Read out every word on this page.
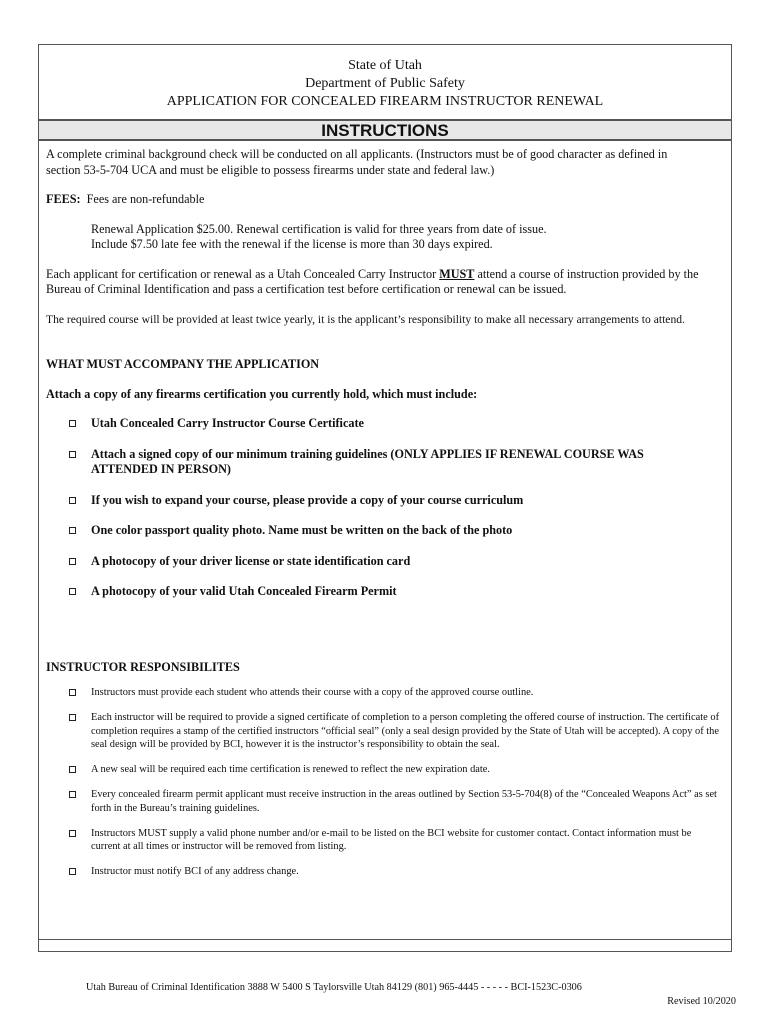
State of Utah
Department of Public Safety
APPLICATION FOR CONCEALED FIREARM INSTRUCTOR RENEWAL
INSTRUCTIONS

A complete criminal background check will be conducted on all applicants. (Instructors must be of good character as defined in section 53-5-704 UCA and must be eligible to possess firearms under state and federal law.)

FEES: Fees are non-refundable

Renewal Application $25.00. Renewal certification is valid for three years from date of issue.

Include $7.50 late fee with the renewal if the license is more than 30 days expired.

Each applicant for certification or renewal as a Utah Concealed Carry Instructor MUST attend a course of instruction provided by the Bureau of Criminal Identification and pass a certification test before certification or renewal can be issued.

The required course will be provided at least twice yearly, it is the applicant’s responsibility to make all necessary arrangements to attend.

WHAT MUST ACCOMPANY THE APPLICATION

Attach a copy of any firearms certification you currently hold, which must include:

Utah Concealed Carry Instructor Course Certificate
Attach a signed copy of our minimum training guidelines (ONLY APPLIES IF RENEWAL COURSE WAS ATTENDED IN PERSON)
If you wish to expand your course, please provide a copy of your course curriculum
One color passport quality photo. Name must be written on the back of the photo
A photocopy of your driver license or state identification card
A photocopy of your valid Utah Concealed Firearm Permit

INSTRUCTOR RESPONSIBILITES

Instructors must provide each student who attends their course with a copy of the approved course outline.
Each instructor will be required to provide a signed certificate of completion to a person completing the offered course of instruction. The certificate of completion requires a stamp of the certified instructors “official seal” (only a seal design provided by the State of Utah will be accepted). A copy of the seal design will be provided by BCI, however it is the instructor’s responsibility to obtain the seal.
A new seal will be required each time certification is renewed to reflect the new expiration date.
Every concealed firearm permit applicant must receive instruction in the areas outlined by Section 53-5-704(8) of the “Concealed Weapons Act” as set forth in the Bureau’s training guidelines.
Instructors MUST supply a valid phone number and/or e-mail to be listed on the BCI website for customer contact. Contact information must be current at all times or instructor will be removed from listing.
Instructor must notify BCI of any address change.
Utah Bureau of Criminal Identification 3888 W 5400 S Taylorsville Utah 84129 (801) 965-4445 - - - - - BCI-1523C-0306
Revised 10/2020
